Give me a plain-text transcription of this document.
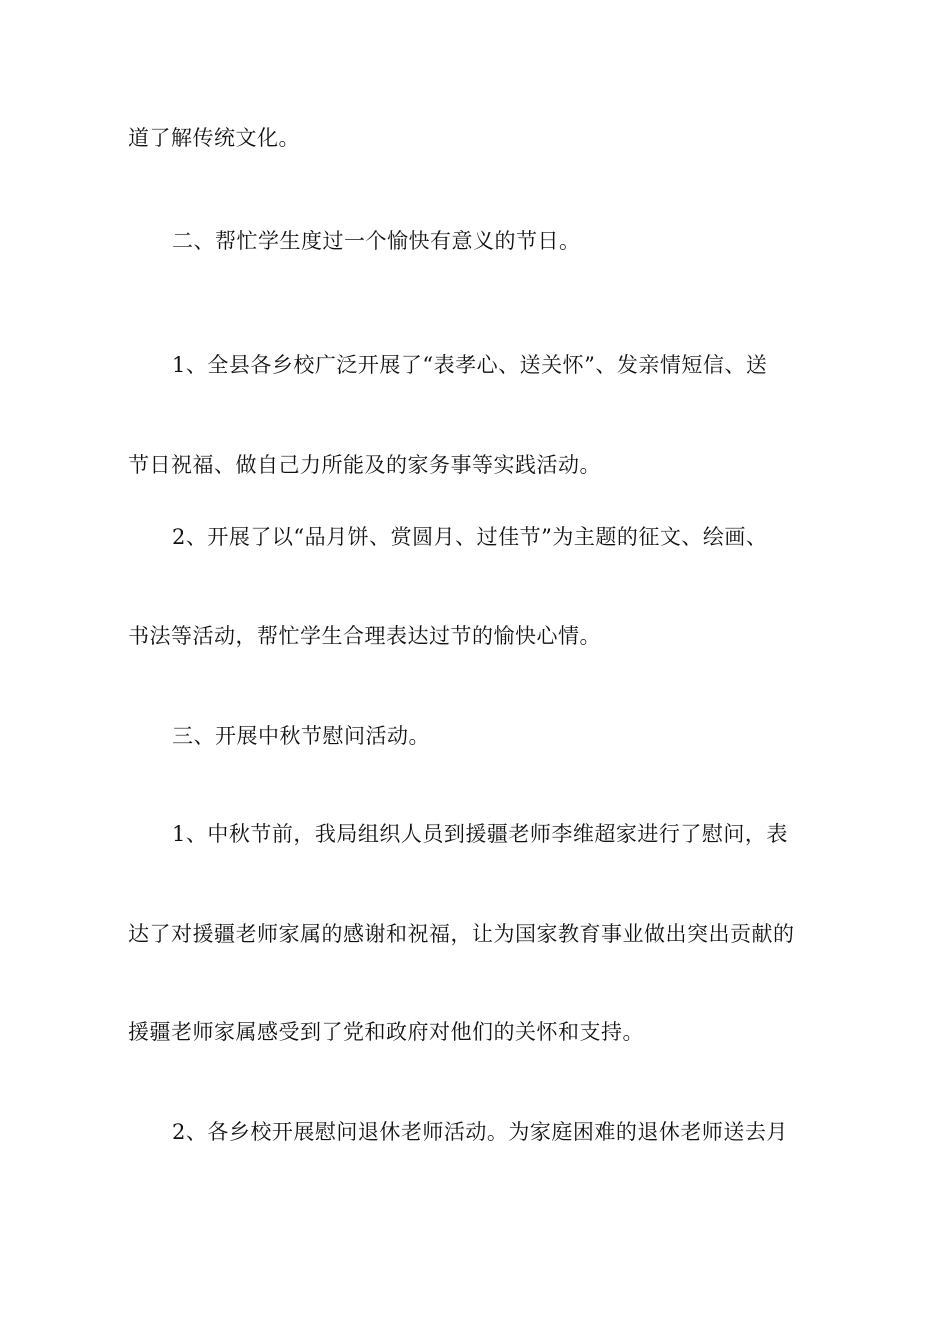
道了解传统文化。

二、帮忙学生度过一个愉快有意义的节日。

1、全县各乡校广泛开展了“表孝心、送关怀”、发亲情短信、送

节日祝福、做自己力所能及的家务事等实践活动。

2、开展了以“品月饼、赏圆月、过佳节”为主题的征文、绘画、

书法等活动，帮忙学生合理表达过节的愉快心情。

三、开展中秋节慰问活动。

1、中秋节前，我局组织人员到援疆老师李维超家进行了慰问，表

达了对援疆老师家属的感谢和祝福，让为国家教育事业做出突出贡献的

援疆老师家属感受到了党和政府对他们的关怀和支持。

2、各乡校开展慰问退休老师活动。为家庭困难的退休老师送去月
